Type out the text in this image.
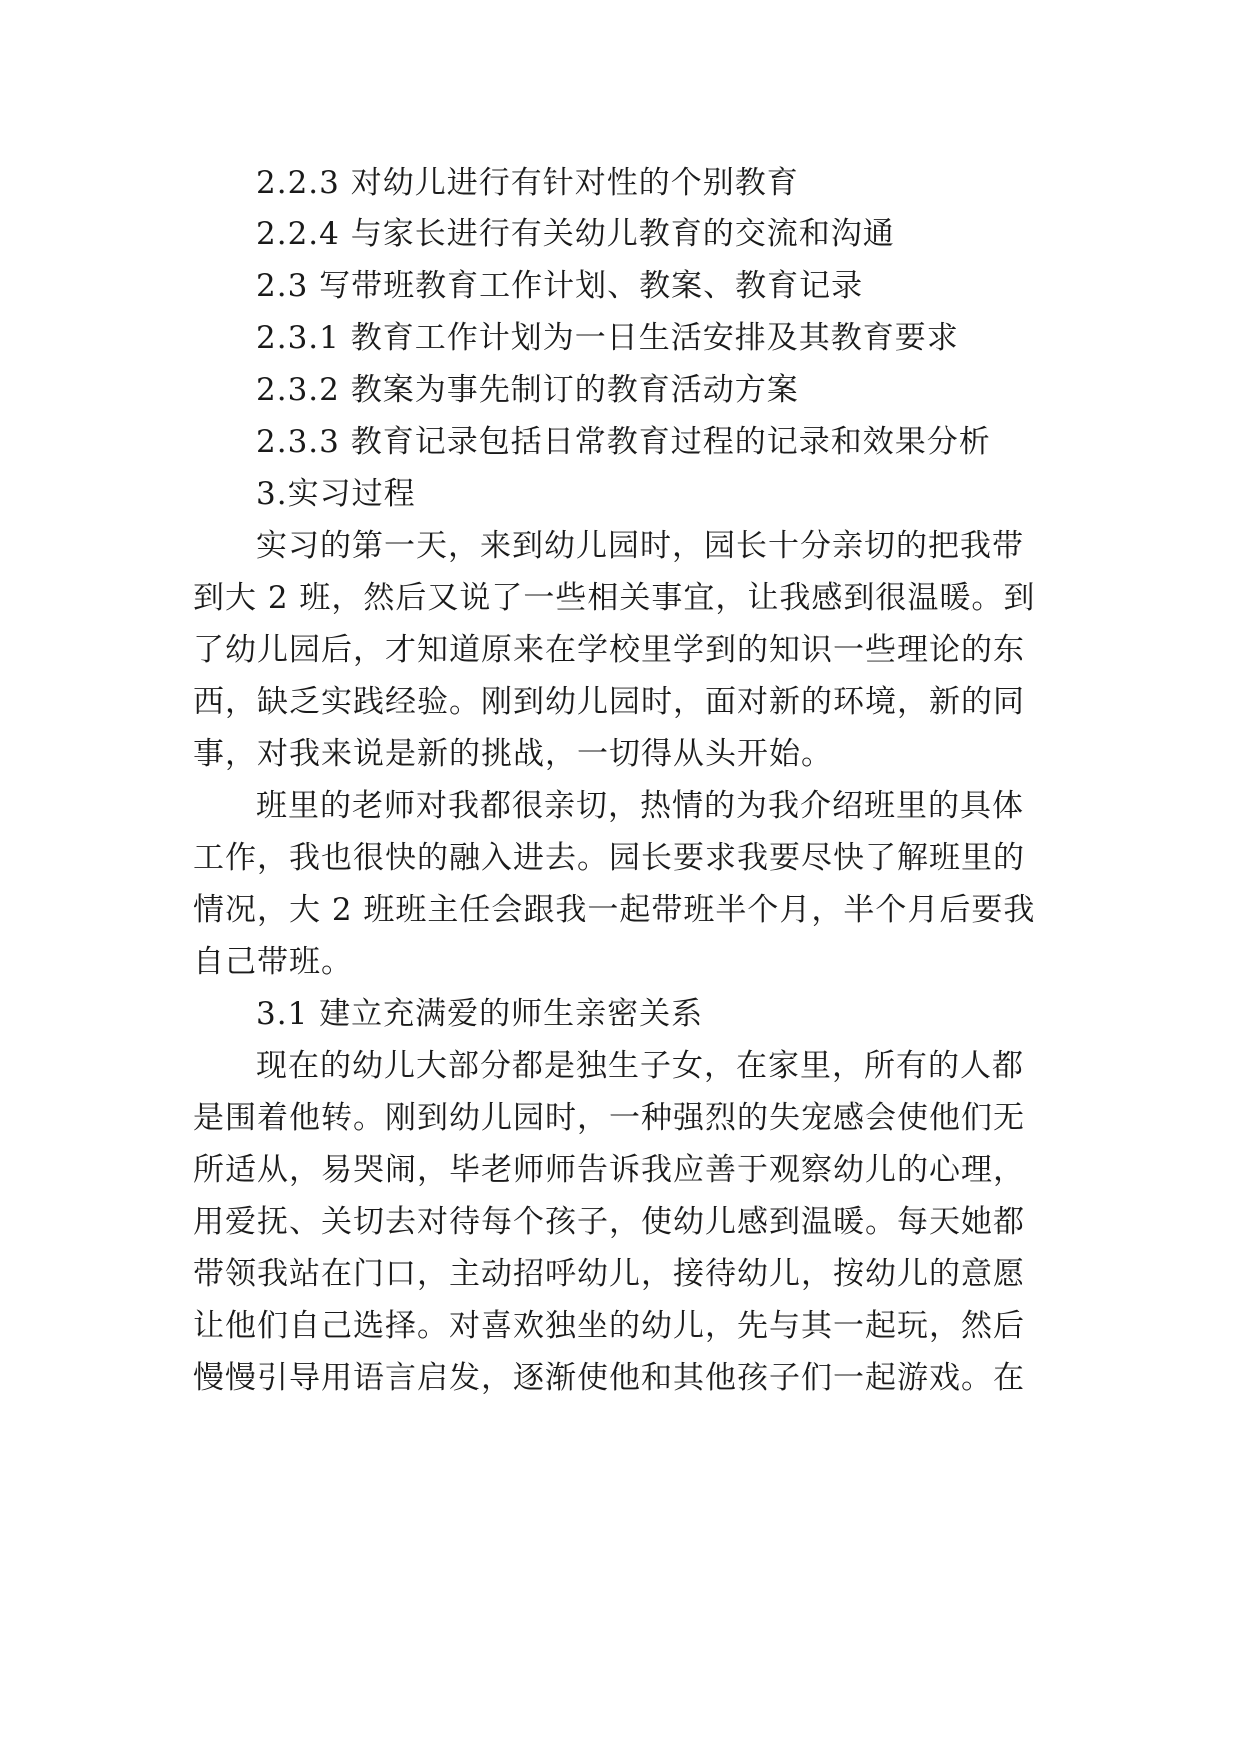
2.2.3 对幼儿进行有针对性的个别教育
2.2.4 与家长进行有关幼儿教育的交流和沟通
2.3 写带班教育工作计划、教案、教育记录
2.3.1 教育工作计划为一日生活安排及其教育要求
2.3.2 教案为事先制订的教育活动方案
2.3.3 教育记录包括日常教育过程的记录和效果分析
3.实习过程
实习的第一天，来到幼儿园时，园长十分亲切的把我带
到大 2 班，然后又说了一些相关事宜，让我感到很温暖。到
了幼儿园后，才知道原来在学校里学到的知识一些理论的东
西，缺乏实践经验。刚到幼儿园时，面对新的环境，新的同
事，对我来说是新的挑战，一切得从头开始。
班里的老师对我都很亲切，热情的为我介绍班里的具体
工作，我也很快的融入进去。园长要求我要尽快了解班里的
情况，大 2 班班主任会跟我一起带班半个月，半个月后要我
自己带班。
3.1 建立充满爱的师生亲密关系
现在的幼儿大部分都是独生子女，在家里，所有的人都
是围着他转。刚到幼儿园时，一种强烈的失宠感会使他们无
所适从，易哭闹，毕老师师告诉我应善于观察幼儿的心理，
用爱抚、关切去对待每个孩子，使幼儿感到温暖。每天她都
带领我站在门口，主动招呼幼儿，接待幼儿，按幼儿的意愿
让他们自己选择。对喜欢独坐的幼儿，先与其一起玩，然后
慢慢引导用语言启发，逐渐使他和其他孩子们一起游戏。在
